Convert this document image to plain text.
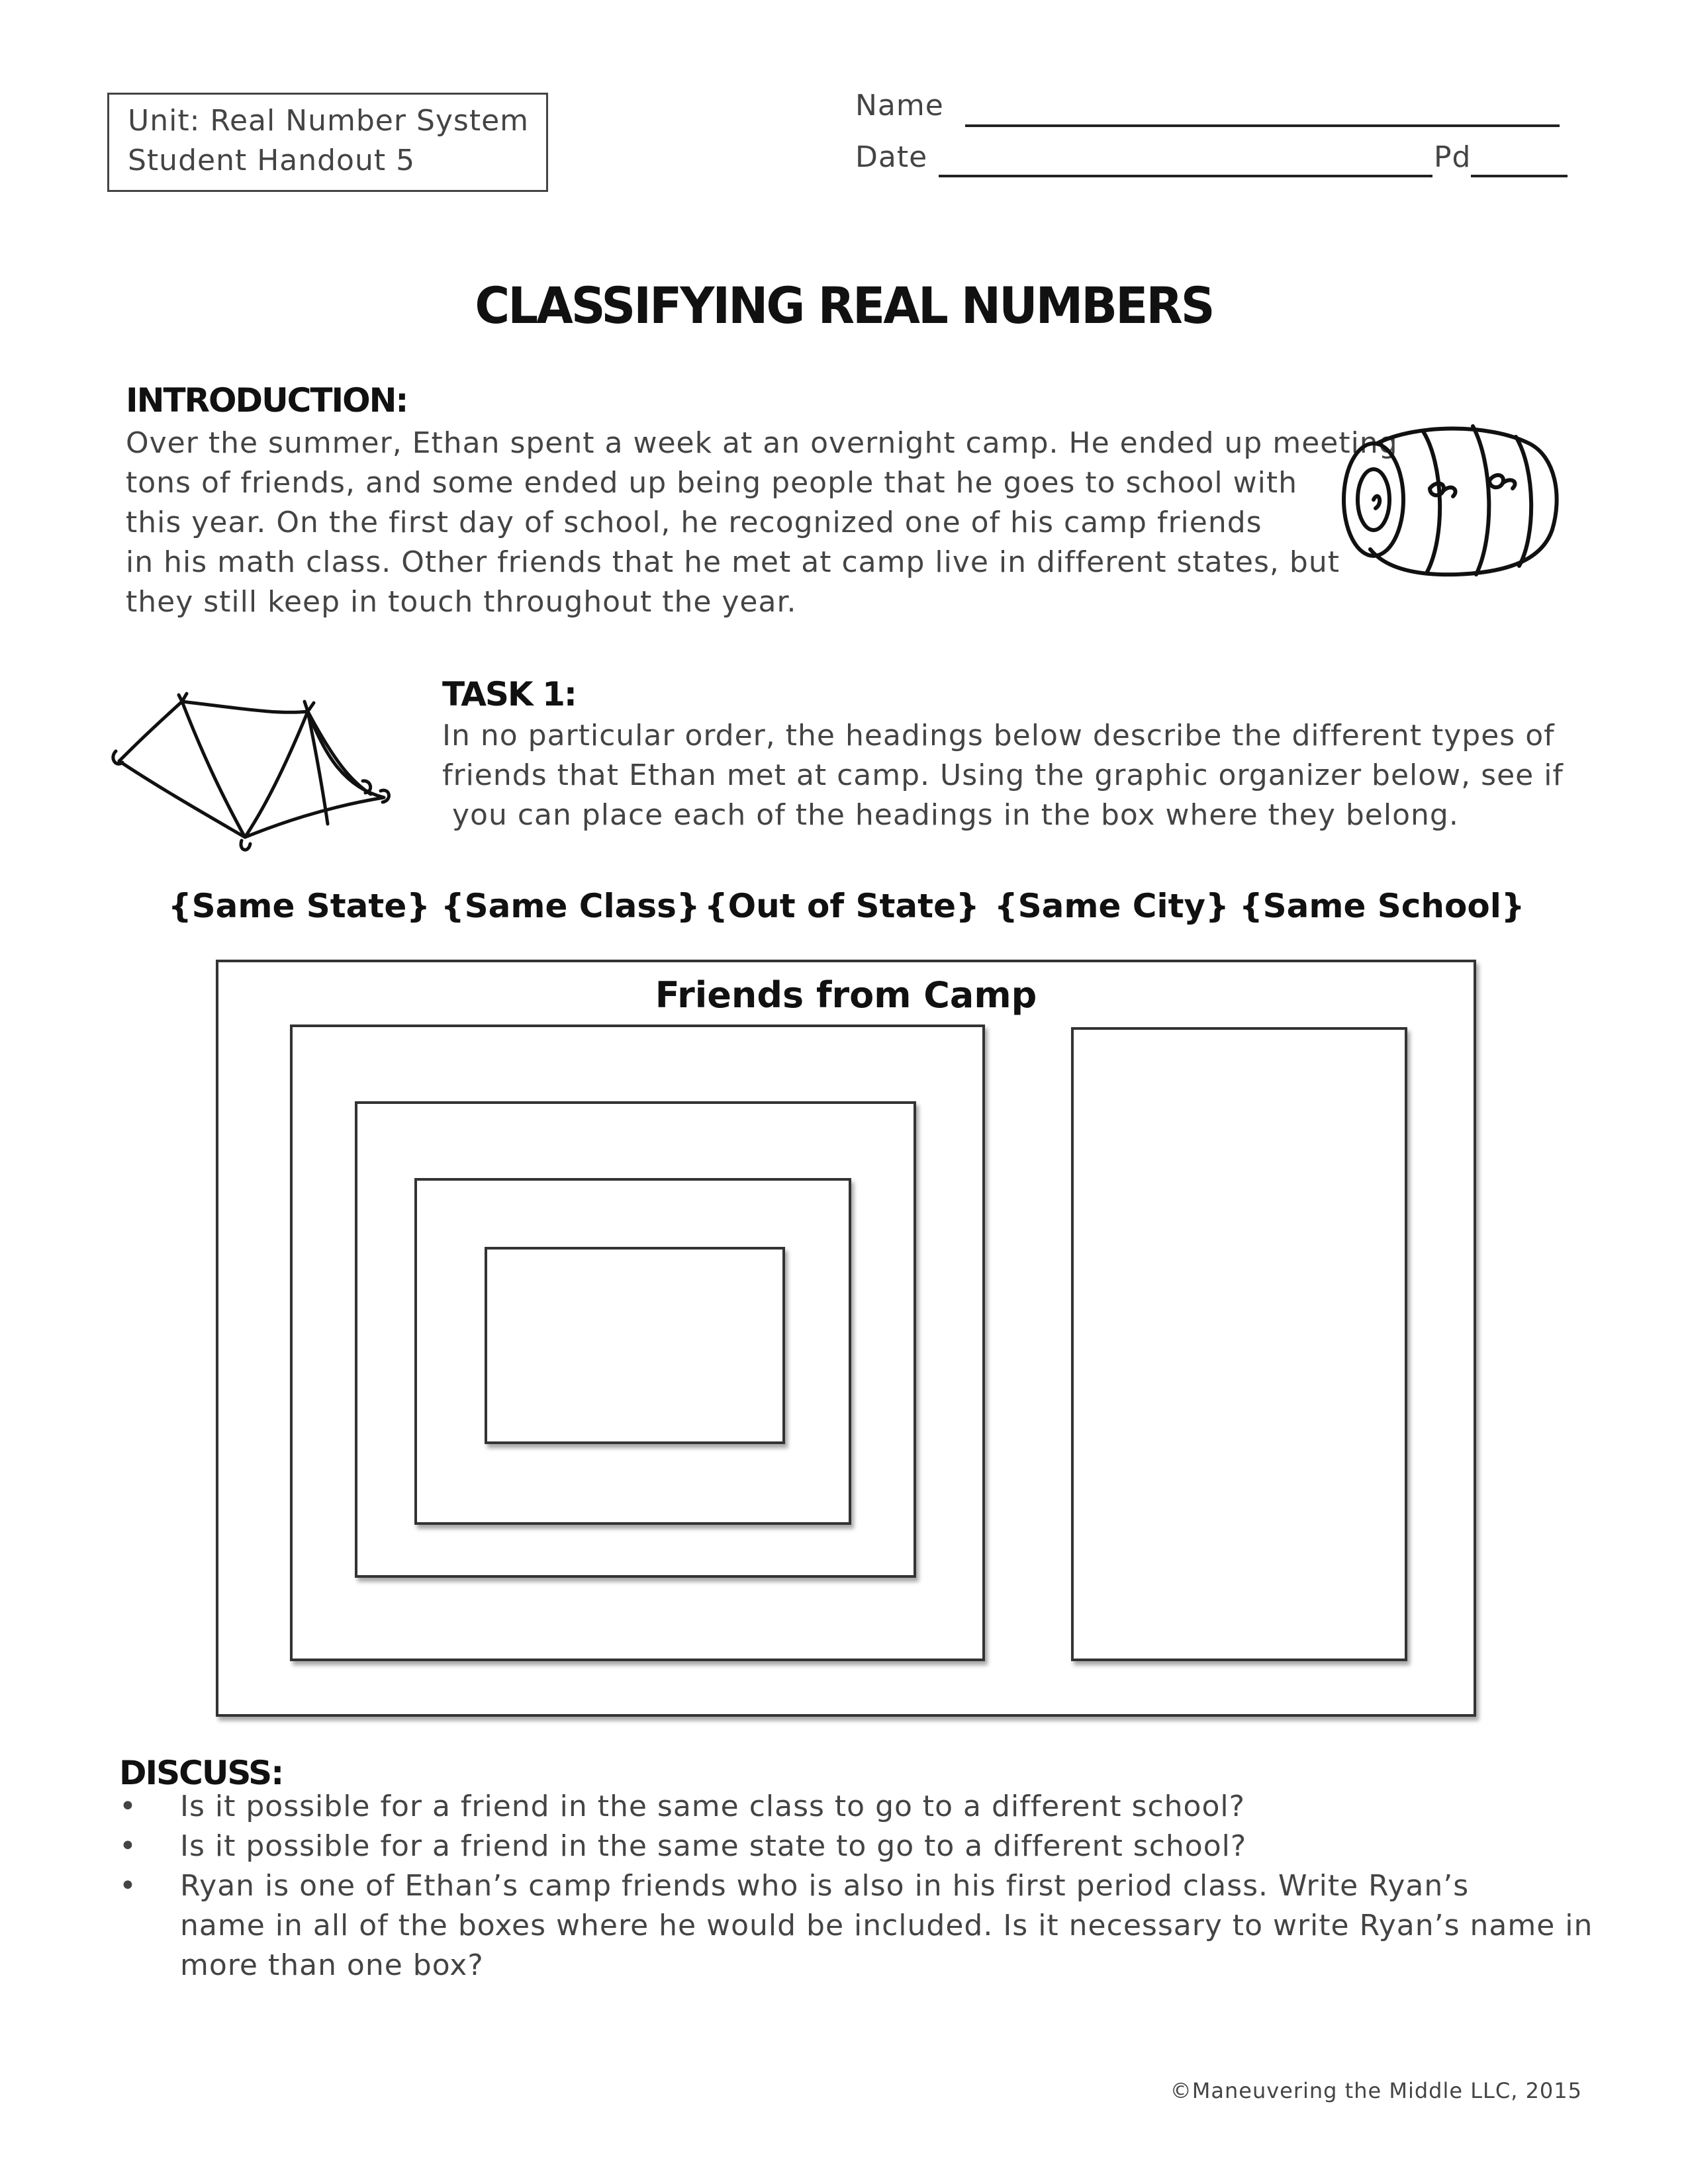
Unit: Real Number System
Student Handout 5
Name
Date	Pd
CLASSIFYING REAL NUMBERS
INTRODUCTION:
Over the summer, Ethan spent a week at an overnight camp. He ended up meeting
tons of friends, and some ended up being people that he goes to school with
this year. On the first day of school, he recognized one of his camp friends
in his math class. Other friends that he met at camp live in different states, but
they still keep in touch throughout the year.
TASK 1:
In no particular order, the headings below describe the different types of
friends that Ethan met at camp. Using the graphic organizer below, see if
you can place each of the headings in the box where they belong.
{Same State} {Same Class} {Out of State} {Same City} {Same School}
Friends from Camp
DISCUSS:
• Is it possible for a friend in the same class to go to a different school?
• Is it possible for a friend in the same state to go to a different school?
• Ryan is one of Ethan’s camp friends who is also in his first period class. Write Ryan’s
name in all of the boxes where he would be included. Is it necessary to write Ryan’s name in
more than one box?
©Maneuvering the Middle LLC, 2015
